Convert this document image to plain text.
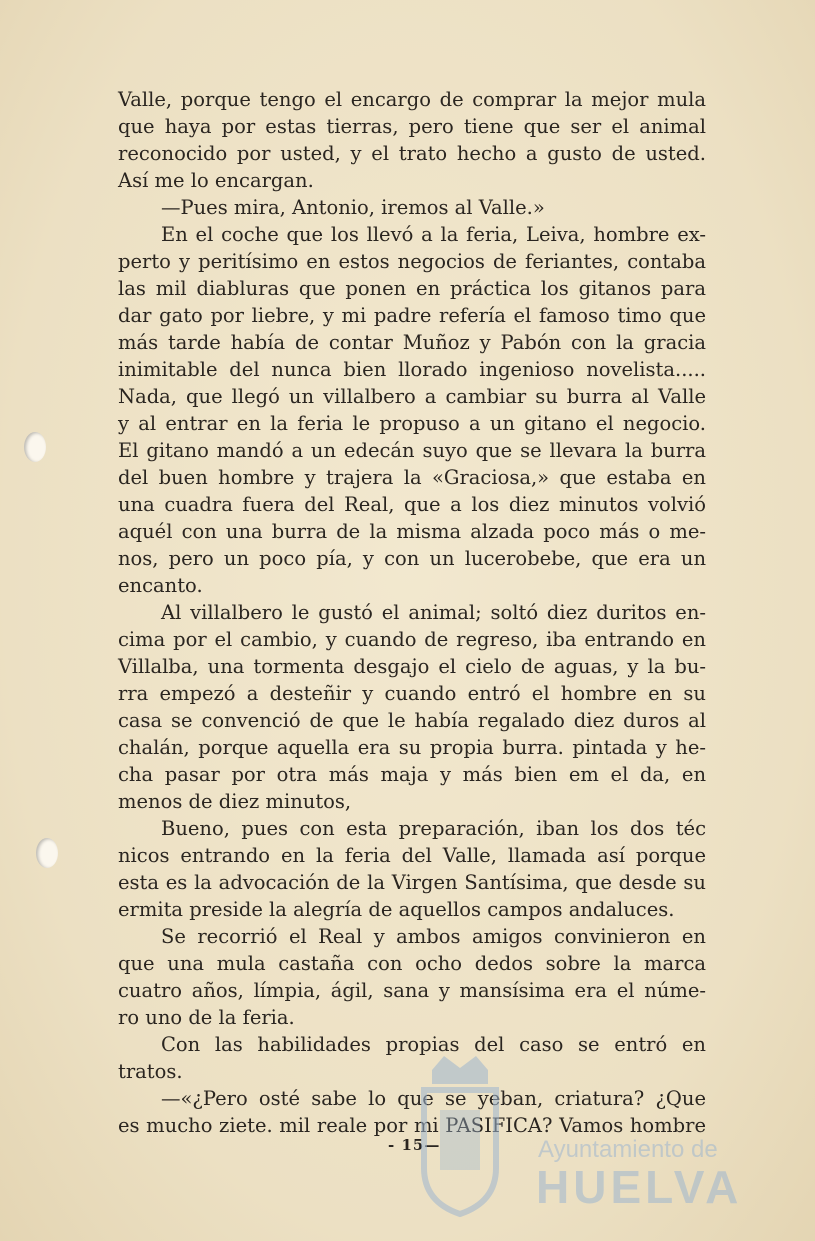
Valle, porque tengo el encargo de comprar la mejor mula
que haya por estas tierras, pero tiene que ser el animal
reconocido por usted, y el trato hecho a gusto de usted.
Así me lo encargan.
—Pues mira, Antonio, iremos al Valle.»
En el coche que los llevó a la feria, Leiva, hombre ex-
perto y peritísimo en estos negocios de feriantes, contaba
las mil diabluras que ponen en práctica los gitanos para
dar gato por liebre, y mi padre refería el famoso timo que
más tarde había de contar Muñoz y Pabón con la gracia
inimitable del nunca bien llorado ingenioso novelista.....
Nada, que llegó un villalbero a cambiar su burra al Valle
y al entrar en la feria le propuso a un gitano el negocio.
El gitano mandó a un edecán suyo que se llevara la burra
del buen hombre y trajera la «Graciosa,» que estaba en
una cuadra fuera del Real, que a los diez minutos volvió
aquél con una burra de la misma alzada poco más o me-
nos, pero un poco pía, y con un lucerobebe, que era un
encanto.
Al villalbero le gustó el animal; soltó diez duritos en-
cima por el cambio, y cuando de regreso, iba entrando en
Villalba, una tormenta desgajo el cielo de aguas, y la bu-
rra empezó a desteñir y cuando entró el hombre en su
casa se convenció de que le había regalado diez duros al
chalán, porque aquella era su propia burra. pintada y he-
cha pasar por otra más maja y más bien em el da, en
menos de diez minutos,
Bueno, pues con esta preparación, iban los dos téc
nicos entrando en la feria del Valle, llamada así porque
esta es la advocación de la Virgen Santísima, que desde su
ermita preside la alegría de aquellos campos andaluces.
Se recorrió el Real y ambos amigos convinieron en
que una mula castaña con ocho dedos sobre la marca
cuatro años, límpia, ágil, sana y mansísima era el núme-
ro uno de la feria.
Con las habilidades propias del caso se entró en
tratos.
—«¿Pero osté sabe lo que se yeban, criatura? ¿Que
es mucho ziete. mil reale por mi PASIFICA? Vamos hombre
- 15—	Ayuntamiento de
HUELVA
